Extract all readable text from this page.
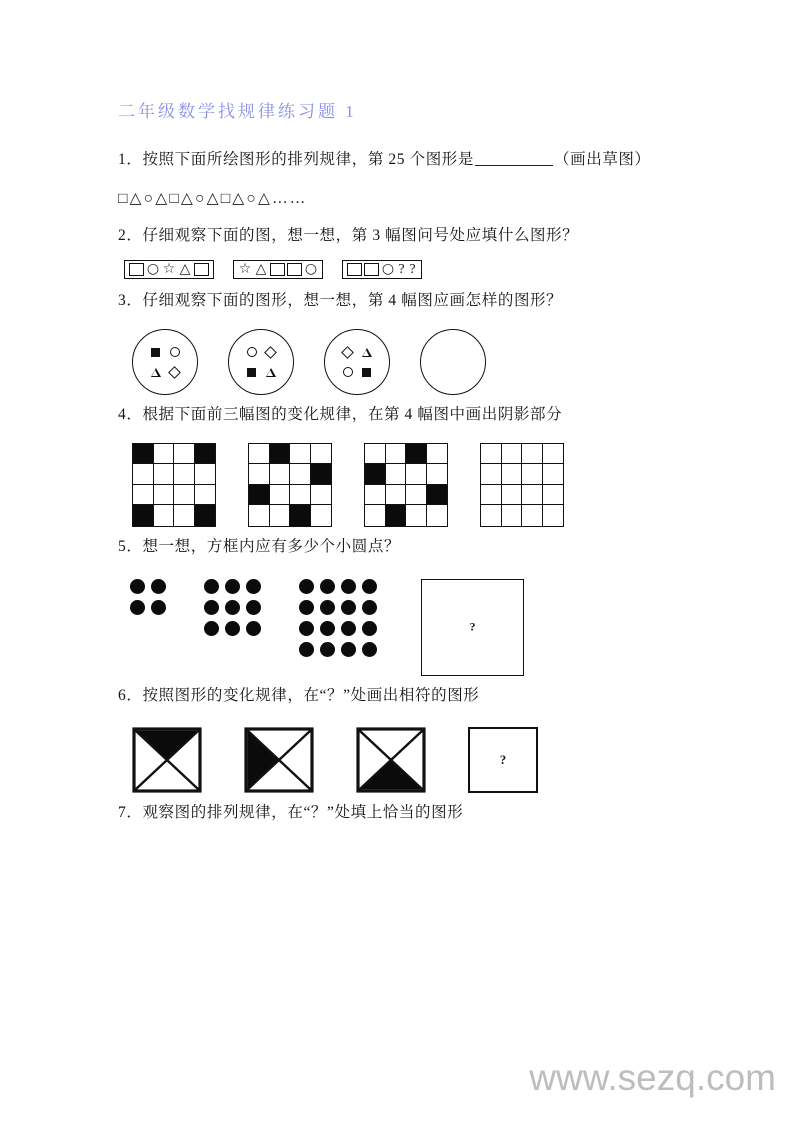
二年级数学找规律练习题 1

1．按照下面所绘图形的排列规律，第 25 个图形是	（画出草图）

□△○△□△○△□△○△……

2．仔细观察下面的图，想一想，第 3 幅图问号处应填什么图形？

○ ☆ △	☆ △	○	○ ? ?

3．仔细观察下面的图形，想一想，第 4 幅图应画怎样的图形？

4．根据下面前三幅图的变化规律，在第 4 幅图中画出阴影部分

5．想一想，方框内应有多少个小圆点？

?

6．按照图形的变化规律，在“？”处画出相符的图形

?

7．观察图的排列规律，在“？”处填上恰当的图形

www.sezq.com
